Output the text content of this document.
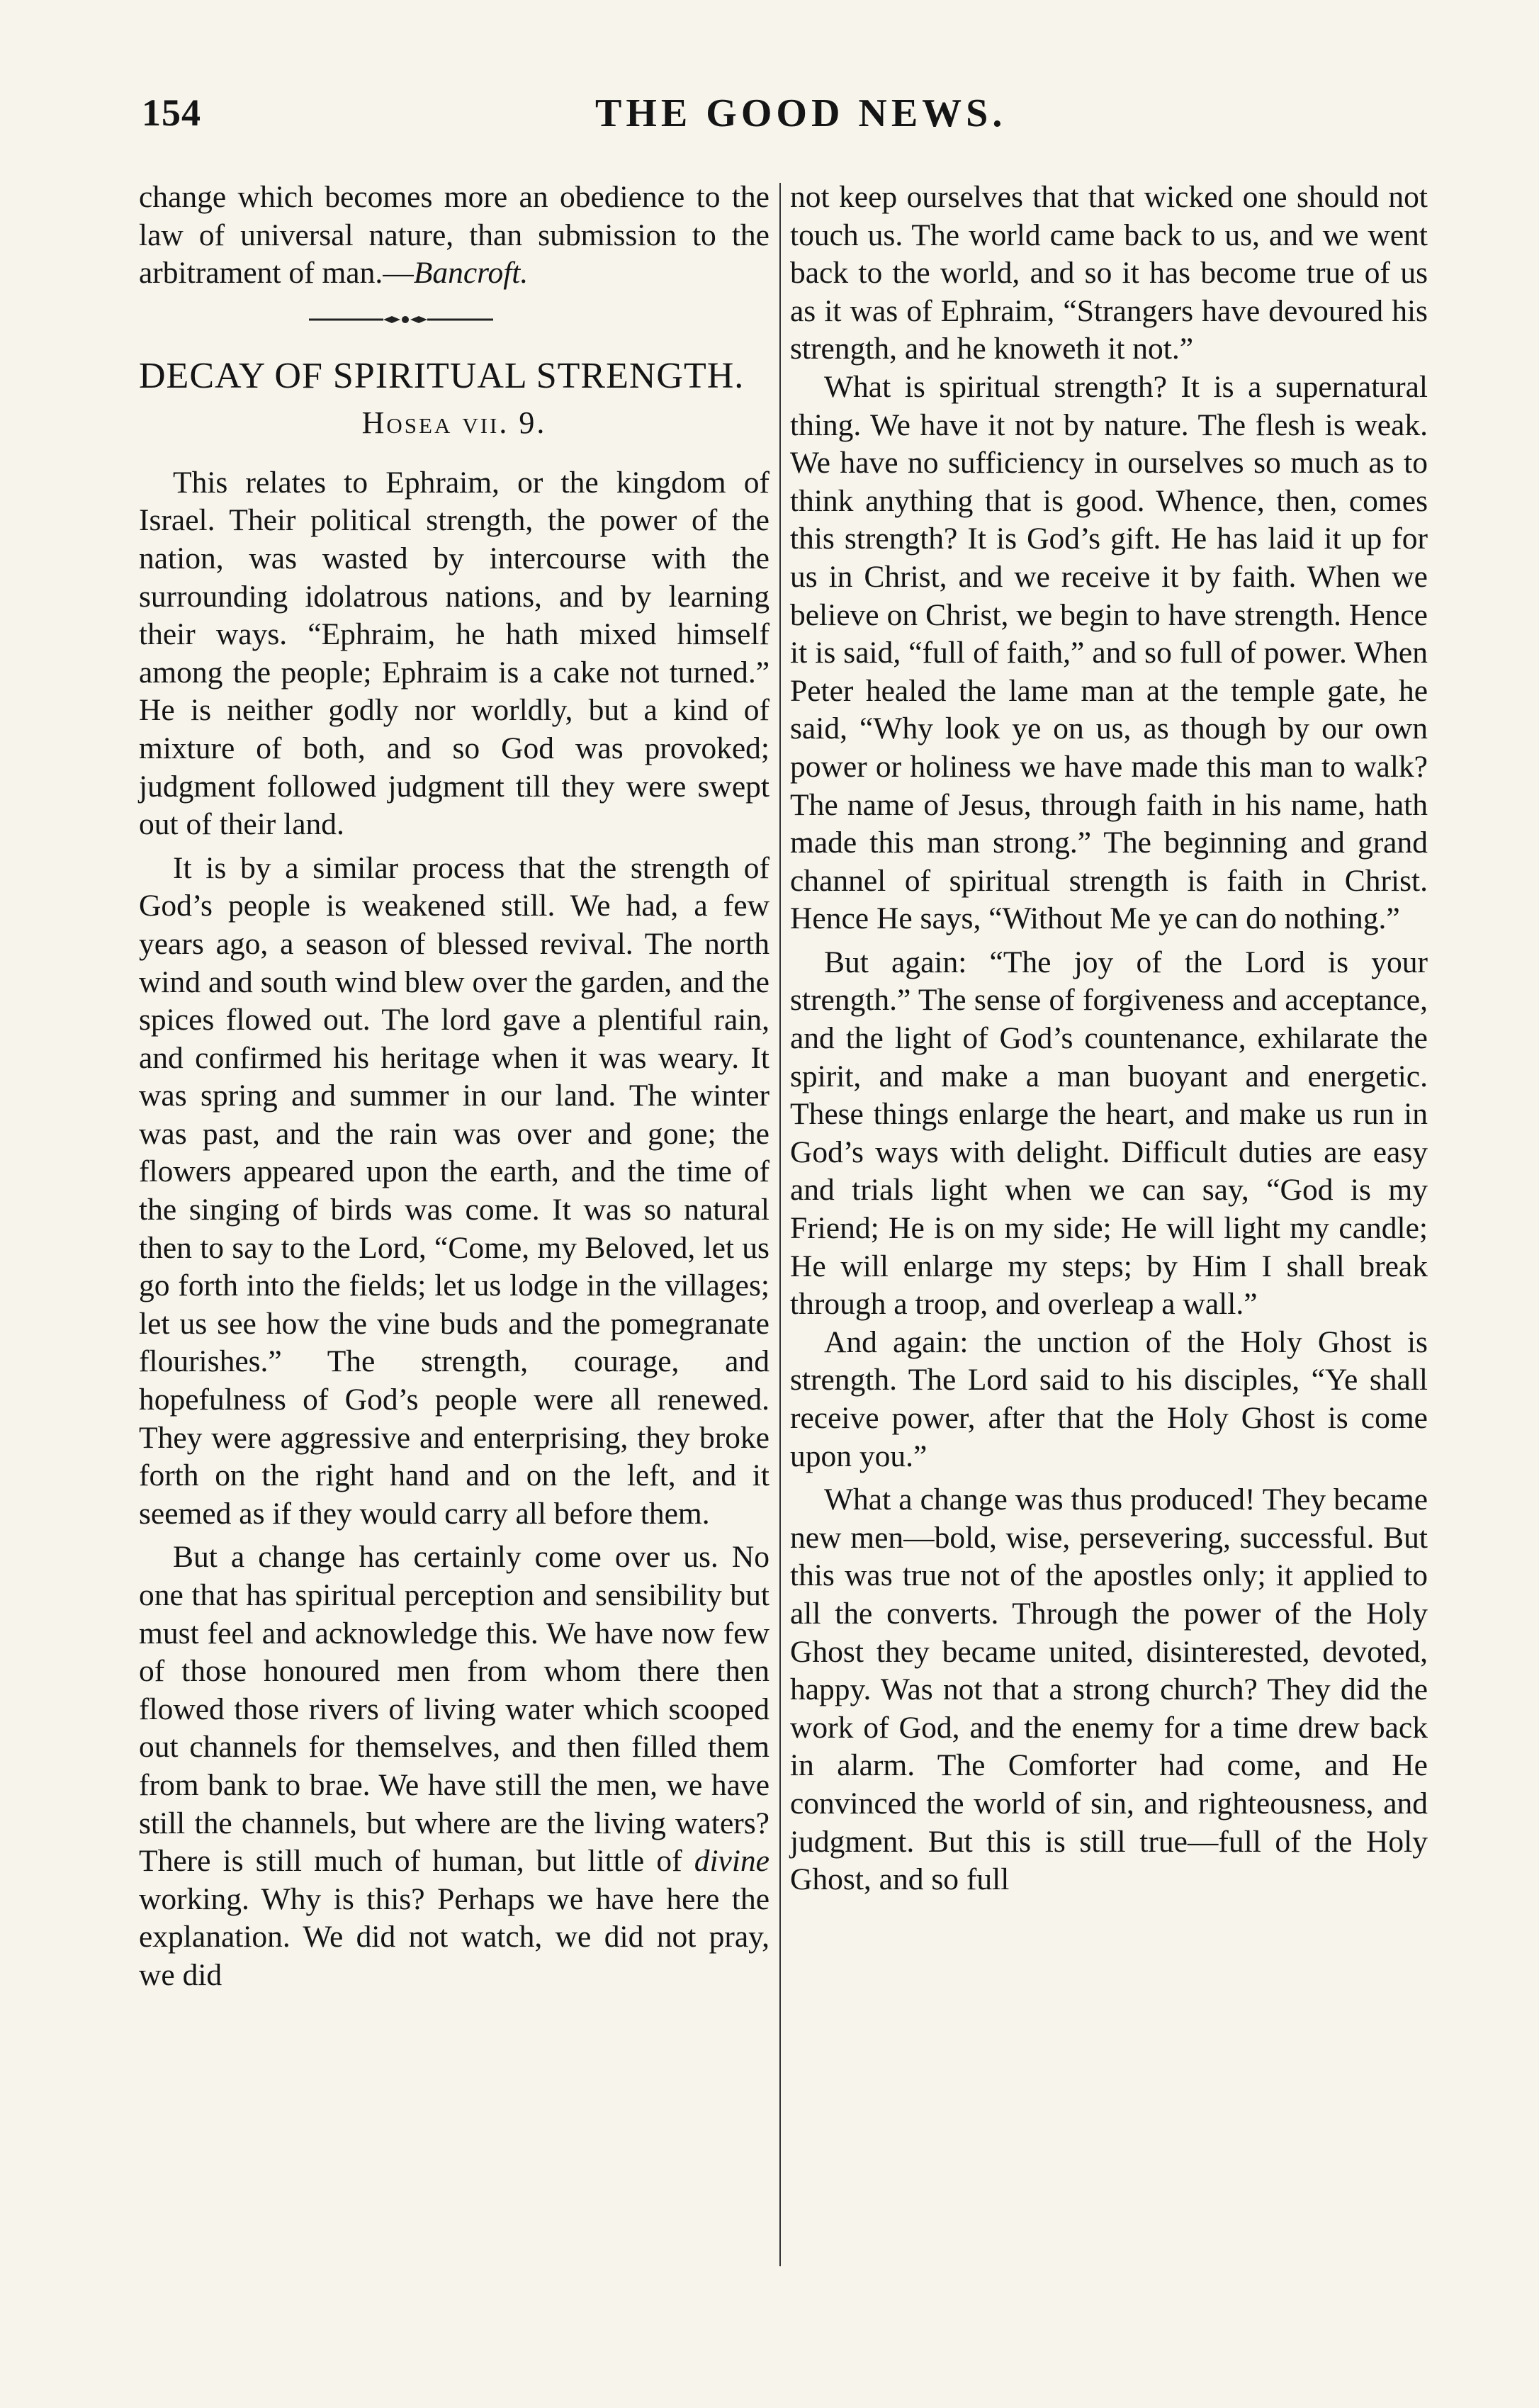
154	THE GOOD NEWS.

change which becomes more an obedience to the law of universal nature, than submission to the arbitrament of man.—Bancroft.

DECAY OF SPIRITUAL STRENGTH.
Hosea vii. 9.

This relates to Ephraim, or the kingdom of Israel. Their political strength, the power of the nation, was wasted by intercourse with the surrounding idolatrous nations, and by learning their ways. “Ephraim, he hath mixed himself among the people; Ephraim is a cake not turned.” He is neither godly nor worldly, but a kind of mixture of both, and so God was provoked; judgment followed judgment till they were swept out of their land.

It is by a similar process that the strength of God’s people is weakened still. We had, a few years ago, a season of blessed revival. The north wind and south wind blew over the garden, and the spices flowed out. The lord gave a plentiful rain, and confirmed his heritage when it was weary. It was spring and summer in our land. The winter was past, and the rain was over and gone; the flowers appeared upon the earth, and the time of the singing of birds was come. It was so natural then to say to the Lord, “Come, my Beloved, let us go forth into the fields; let us lodge in the villages; let us see how the vine buds and the pomegranate flourishes.” The strength, courage, and hopefulness of God’s people were all renewed. They were aggressive and enterprising, they broke forth on the right hand and on the left, and it seemed as if they would carry all before them.

But a change has certainly come over us. No one that has spiritual perception and sensibility but must feel and acknowledge this. We have now few of those honoured men from whom there then flowed those rivers of living water which scooped out channels for themselves, and then filled them from bank to brae. We have still the men, we have still the channels, but where are the living waters? There is still much of human, but little of divine working. Why is this? Perhaps we have here the explanation. We did not watch, we did not pray, we did

not keep ourselves that that wicked one should not touch us. The world came back to us, and we went back to the world, and so it has become true of us as it was of Ephraim, “Strangers have devoured his strength, and he knoweth it not.”

What is spiritual strength? It is a supernatural thing. We have it not by nature. The flesh is weak. We have no sufficiency in ourselves so much as to think anything that is good. Whence, then, comes this strength? It is God’s gift. He has laid it up for us in Christ, and we receive it by faith. When we believe on Christ, we begin to have strength. Hence it is said, “full of faith,” and so full of power. When Peter healed the lame man at the temple gate, he said, “Why look ye on us, as though by our own power or holiness we have made this man to walk? The name of Jesus, through faith in his name, hath made this man strong.” The beginning and grand channel of spiritual strength is faith in Christ. Hence He says, “Without Me ye can do nothing.”

But again: “The joy of the Lord is your strength.” The sense of forgiveness and acceptance, and the light of God’s countenance, exhilarate the spirit, and make a man buoyant and energetic. These things enlarge the heart, and make us run in God’s ways with delight. Difficult duties are easy and trials light when we can say, “God is my Friend; He is on my side; He will light my candle; He will enlarge my steps; by Him I shall break through a troop, and overleap a wall.”

And again: the unction of the Holy Ghost is strength. The Lord said to his disciples, “Ye shall receive power, after that the Holy Ghost is come upon you.”

What a change was thus produced! They became new men—bold, wise, persevering, successful. But this was true not of the apostles only; it applied to all the converts. Through the power of the Holy Ghost they became united, disinterested, devoted, happy. Was not that a strong church? They did the work of God, and the enemy for a time drew back in alarm. The Comforter had come, and He convinced the world of sin, and righteousness, and judgment. But this is still true—full of the Holy Ghost, and so full
